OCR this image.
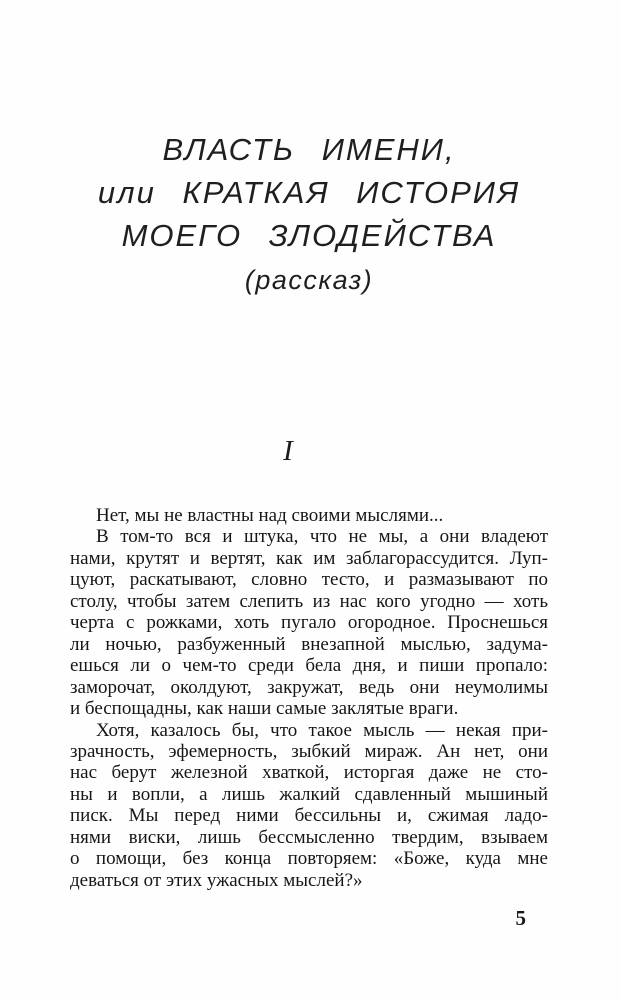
ВЛАСТЬ ИМЕНИ,
или КРАТКАЯ ИСТОРИЯ
МОЕГО ЗЛОДЕЙСТВА
(рассказ)
I
Нет, мы не властны над своими мыслями...
В том-то вся и штука, что не мы, а они владеют
нами, крутят и вертят, как им заблагорассудится. Луп-
цуют, раскатывают, словно тесто, и размазывают по
столу, чтобы затем слепить из нас кого угодно — хоть
черта с рожками, хоть пугало огородное. Проснешься
ли ночью, разбуженный внезапной мыслью, задума-
ешься ли о чем-то среди бела дня, и пиши пропало:
заморочат, околдуют, закружат, ведь они неумолимы
и беспощадны, как наши самые заклятые враги.
Хотя, казалось бы, что такое мысль — некая при-
зрачность, эфемерность, зыбкий мираж. Ан нет, они
нас берут железной хваткой, исторгая даже не сто-
ны и вопли, а лишь жалкий сдавленный мышиный
писк. Мы перед ними бессильны и, сжимая ладо-
нями виски, лишь бессмысленно твердим, взываем
о помощи, без конца повторяем: «Боже, куда мне
деваться от этих ужасных мыслей?»
5
